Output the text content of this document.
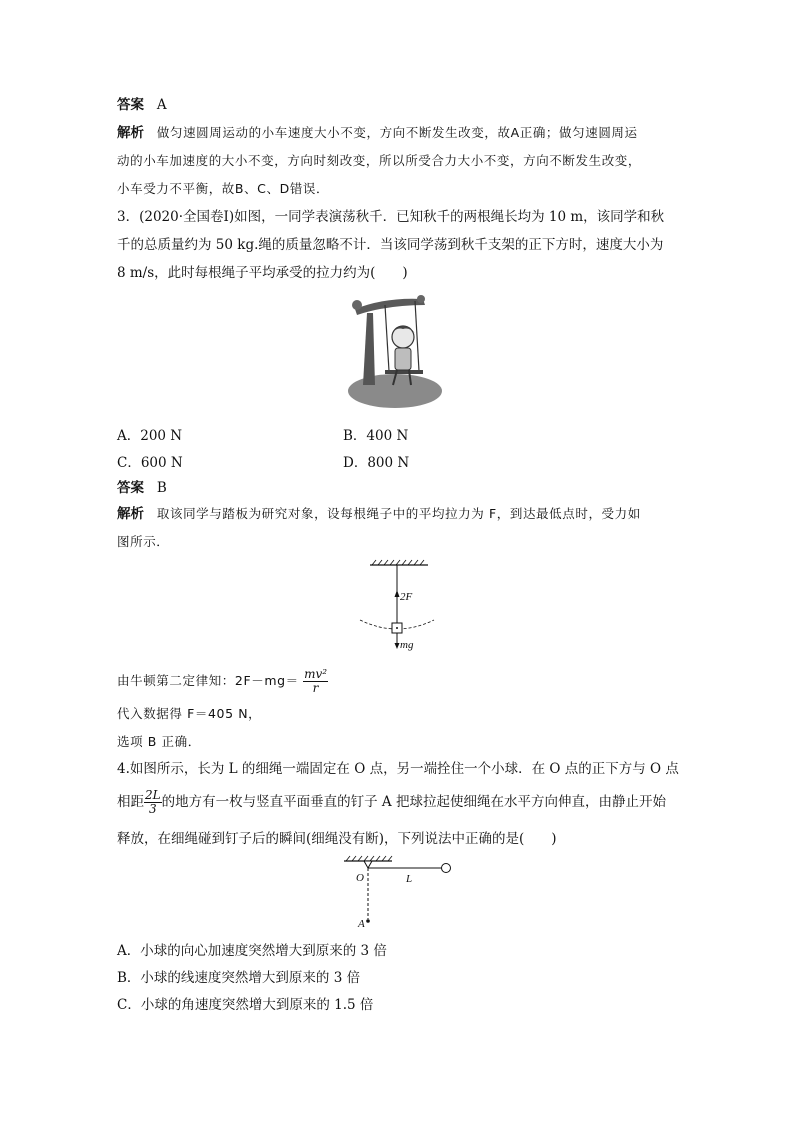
答案 A
解析 做匀速圆周运动的小车速度大小不变，方向不断发生改变，故A正确；做匀速圆周运
动的小车加速度的大小不变，方向时刻改变，所以所受合力大小不变，方向不断发生改变，
小车受力不平衡，故B、C、D错误．
3．(2020·全国卷Ⅰ)如图，一同学表演荡秋千．已知秋千的两根绳长均为 10 m，该同学和秋
千的总质量约为 50 kg.绳的质量忽略不计．当该同学荡到秋千支架的正下方时，速度大小为
8 m/s，此时每根绳子平均承受的拉力约为(　　)
A．200 N	B．400 N
C．600 N	D．800 N
答案 B
解析 取该同学与踏板为研究对象，设每根绳子中的平均拉力为 F，到达最低点时，受力如
图所示．
2F
mg
由牛顿第二定律知：$2F-mg= \frac{\text{mv²}}{r}$
代入数据得 F＝405 N，
选项 B 正确．
4.如图所示，长为 L 的细绳一端固定在 O 点，另一端拴住一个小球．在 O 点的正下方与 O 点
相距 $\frac{2L}{3}$ 的地方有一枚与竖直平面垂直的钉子 A 把球拉起使细绳在水平方向伸直，由静止开始
释放，在细绳碰到钉子后的瞬间(细绳没有断)，下列说法中正确的是(　　)
O	L
A
A．小球的向心加速度突然增大到原来的 3 倍
B．小球的线速度突然增大到原来的 3 倍
C．小球的角速度突然增大到原来的 1.5 倍
